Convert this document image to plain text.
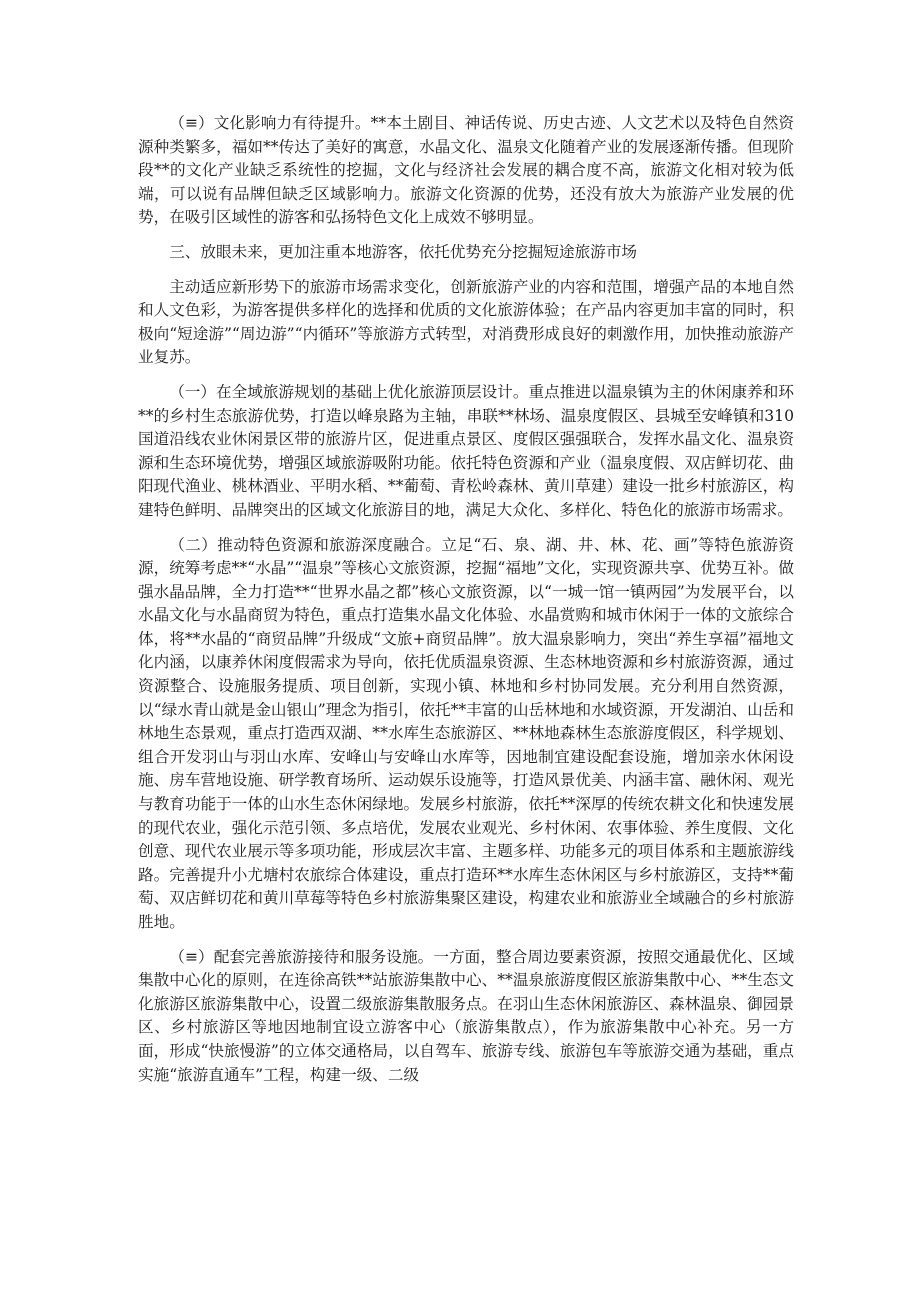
（≡）文化影响力有待提升。**本土剧目、神话传说、历史古迹、人文艺术以及特色自然资源种类繁多，福如**传达了美好的寓意，水晶文化、温泉文化随着产业的发展逐渐传播。但现阶段**的文化产业缺乏系统性的挖掘，文化与经济社会发展的耦合度不高，旅游文化相对较为低端，可以说有品牌但缺乏区域影响力。旅游文化资源的优势，还没有放大为旅游产业发展的优势，在吸引区域性的游客和弘扬特色文化上成效不够明显。

三、放眼未来，更加注重本地游客，依托优势充分挖掘短途旅游市场

主动适应新形势下的旅游市场需求变化，创新旅游产业的内容和范围，增强产品的本地自然和人文色彩，为游客提供多样化的选择和优质的文化旅游体验；在产品内容更加丰富的同时，积极向“短途游”“周边游”“内循环”等旅游方式转型，对消费形成良好的刺激作用，加快推动旅游产业复苏。

（一）在全域旅游规划的基础上优化旅游顶层设计。重点推进以温泉镇为主的休闲康养和环**的乡村生态旅游优势，打造以峰泉路为主轴，串联**林场、温泉度假区、县城至安峰镇和310国道沿线农业休闲景区带的旅游片区，促进重点景区、度假区强强联合，发挥水晶文化、温泉资源和生态环境优势，增强区域旅游吸附功能。依托特色资源和产业（温泉度假、双店鲜切花、曲阳现代渔业、桃林酒业、平明水稻、**葡萄、青松岭森林、黄川草建）建设一批乡村旅游区，构建特色鲜明、品牌突出的区域文化旅游目的地，满足大众化、多样化、特色化的旅游市场需求。

（二）推动特色资源和旅游深度融合。立足“石、泉、湖、井、林、花、画”等特色旅游资源，统筹考虑**“水晶”“温泉”等核心文旅资源，挖掘“福地”文化，实现资源共享、优势互补。做强水晶品牌，全力打造**“世界水晶之都”核心文旅资源，以“一城一馆一镇两园”为发展平台，以水晶文化与水晶商贸为特色，重点打造集水晶文化体验、水晶赏购和城市休闲于一体的文旅综合体，将**水晶的“商贸品牌”升级成“文旅+商贸品牌”。放大温泉影响力，突出“养生享福”福地文化内涵，以康养休闲度假需求为导向，依托优质温泉资源、生态林地资源和乡村旅游资源，通过资源整合、设施服务提质、项目创新，实现小镇、林地和乡村协同发展。充分利用自然资源，以“绿水青山就是金山银山”理念为指引，依托**丰富的山岳林地和水域资源，开发湖泊、山岳和林地生态景观，重点打造西双湖、**水库生态旅游区、**林地森林生态旅游度假区，科学规划、组合开发羽山与羽山水库、安峰山与安峰山水库等，因地制宜建设配套设施，增加亲水休闲设施、房车营地设施、研学教育场所、运动娱乐设施等，打造风景优美、内涵丰富、融休闲、观光与教育功能于一体的山水生态休闲绿地。发展乡村旅游，依托**深厚的传统农耕文化和快速发展的现代农业，强化示范引领、多点培优，发展农业观光、乡村休闲、农事体验、养生度假、文化创意、现代农业展示等多项功能，形成层次丰富、主题多样、功能多元的项目体系和主题旅游线路。完善提升小尤塘村农旅综合体建设，重点打造环**水库生态休闲区与乡村旅游区，支持**葡萄、双店鲜切花和黄川草莓等特色乡村旅游集聚区建设，构建农业和旅游业全域融合的乡村旅游胜地。

（≡）配套完善旅游接待和服务设施。一方面，整合周边要素资源，按照交通最优化、区域集散中心化的原则，在连徐高铁**站旅游集散中心、**温泉旅游度假区旅游集散中心、**生态文化旅游区旅游集散中心，设置二级旅游集散服务点。在羽山生态休闲旅游区、森林温泉、御园景区、乡村旅游区等地因地制宜设立游客中心（旅游集散点），作为旅游集散中心补充。另一方面，形成“快旅慢游”的立体交通格局，以自驾车、旅游专线、旅游包车等旅游交通为基础，重点实施“旅游直通车”工程，构建一级、二级
